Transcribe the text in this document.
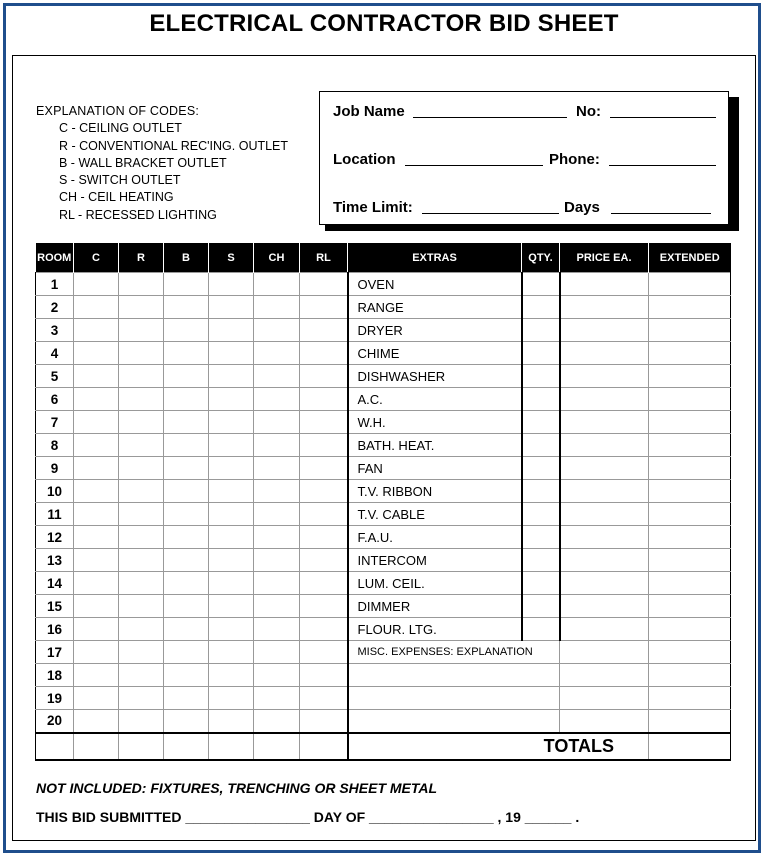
ELECTRICAL CONTRACTOR BID SHEET
EXPLANATION OF CODES:
C - CEILING OUTLET
R - CONVENTIONAL REC'ING. OUTLET
B - WALL BRACKET OUTLET
S - SWITCH OUTLET
CH - CEIL HEATING
RL - RECESSED LIGHTING
Job Name	No:
Location	Phone:
Time Limit:	Days
ROOM	C	R	B	S	CH	RL	EXTRAS	QTY.	PRICE EA.	EXTENDED
1							OVEN			
2							RANGE			
3							DRYER			
4							CHIME			
5							DISHWASHER			
6							A.C.			
7							W.H.			
8							BATH. HEAT.			
9							FAN			
10							T.V. RIBBON			
11							T.V. CABLE			
12							F.A.U.			
13							INTERCOM			
14							LUM. CEIL.			
15							DIMMER			
16							FLOUR. LTG.			
17							MISC. EXPENSES: EXPLANATION			
18										
19										
20										
							TOTALS			
NOT INCLUDED: FIXTURES, TRENCHING OR SHEET METAL
THIS BID SUBMITTED ________________ DAY OF ________________ , 19 ______ .
